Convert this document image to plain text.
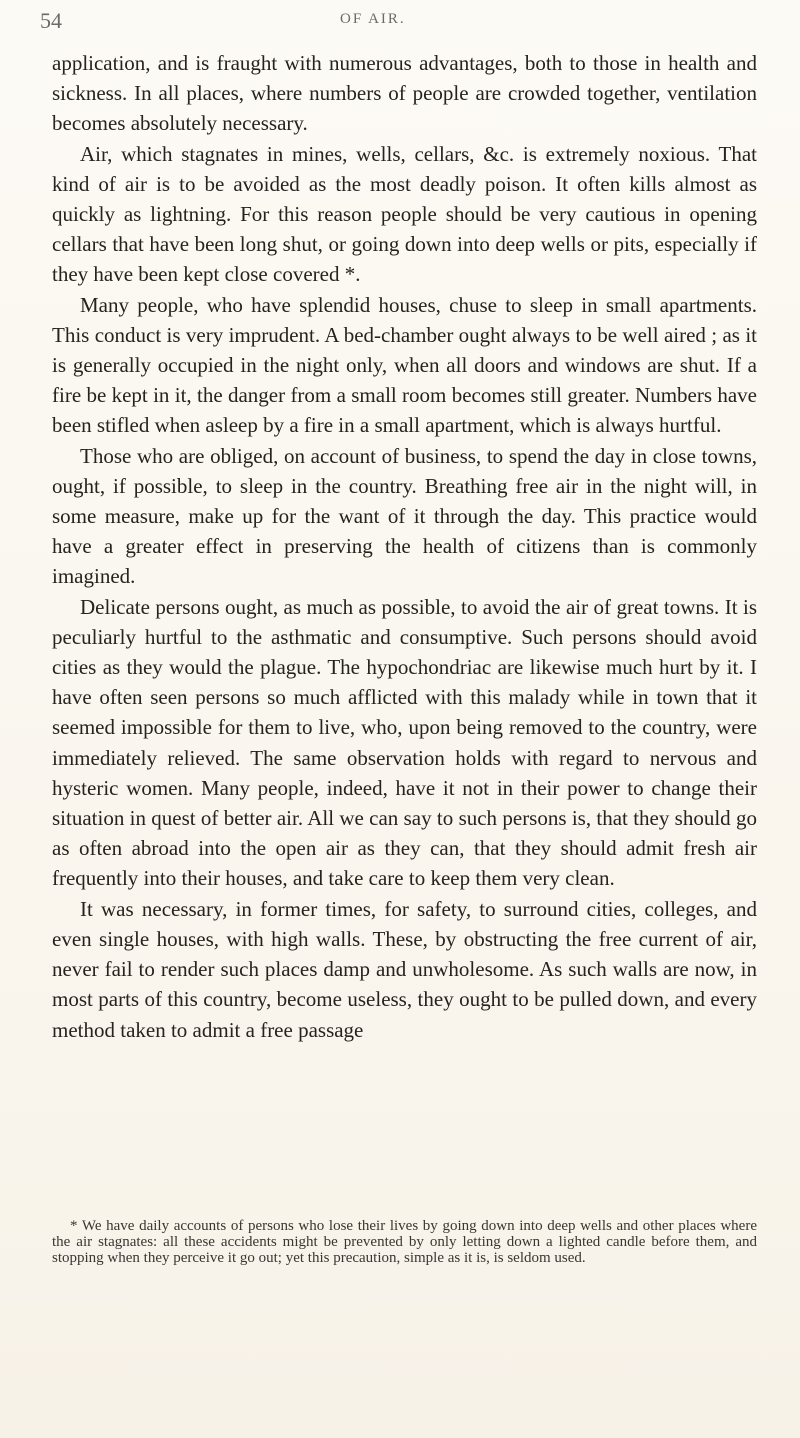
54	OF AIR.

application, and is fraught with numerous advantages, both to those in health and sickness. In all places, where numbers of people are crowded together, ventilation becomes absolutely necessary.

Air, which stagnates in mines, wells, cellars, &c. is extremely noxious. That kind of air is to be avoided as the most deadly poison. It often kills almost as quickly as lightning. For this reason people should be very cautious in opening cellars that have been long shut, or going down into deep wells or pits, especially if they have been kept close covered *.

Many people, who have splendid houses, chuse to sleep in small apartments. This conduct is very imprudent. A bed-chamber ought always to be well aired ; as it is generally occupied in the night only, when all doors and windows are shut. If a fire be kept in it, the danger from a small room becomes still greater. Numbers have been stifled when asleep by a fire in a small apartment, which is always hurtful.

Those who are obliged, on account of business, to spend the day in close towns, ought, if possible, to sleep in the country. Breathing free air in the night will, in some measure, make up for the want of it through the day. This practice would have a greater effect in preserving the health of citizens than is commonly imagined.

Delicate persons ought, as much as possible, to avoid the air of great towns. It is peculiarly hurtful to the asthmatic and consumptive. Such persons should avoid cities as they would the plague. The hypochondriac are likewise much hurt by it. I have often seen persons so much afflicted with this malady while in town that it seemed impossible for them to live, who, upon being removed to the country, were immediately relieved. The same observation holds with regard to nervous and hysteric women. Many people, indeed, have it not in their power to change their situation in quest of better air. All we can say to such persons is, that they should go as often abroad into the open air as they can, that they should admit fresh air frequently into their houses, and take care to keep them very clean.

It was necessary, in former times, for safety, to surround cities, colleges, and even single houses, with high walls. These, by obstructing the free current of air, never fail to render such places damp and unwholesome. As such walls are now, in most parts of this country, become useless, they ought to be pulled down, and every method taken to admit a free passage

* We have daily accounts of persons who lose their lives by going down into deep wells and other places where the air stagnates: all these accidents might be prevented by only letting down a lighted candle before them, and stopping when they perceive it go out; yet this precaution, simple as it is, is seldom used.
